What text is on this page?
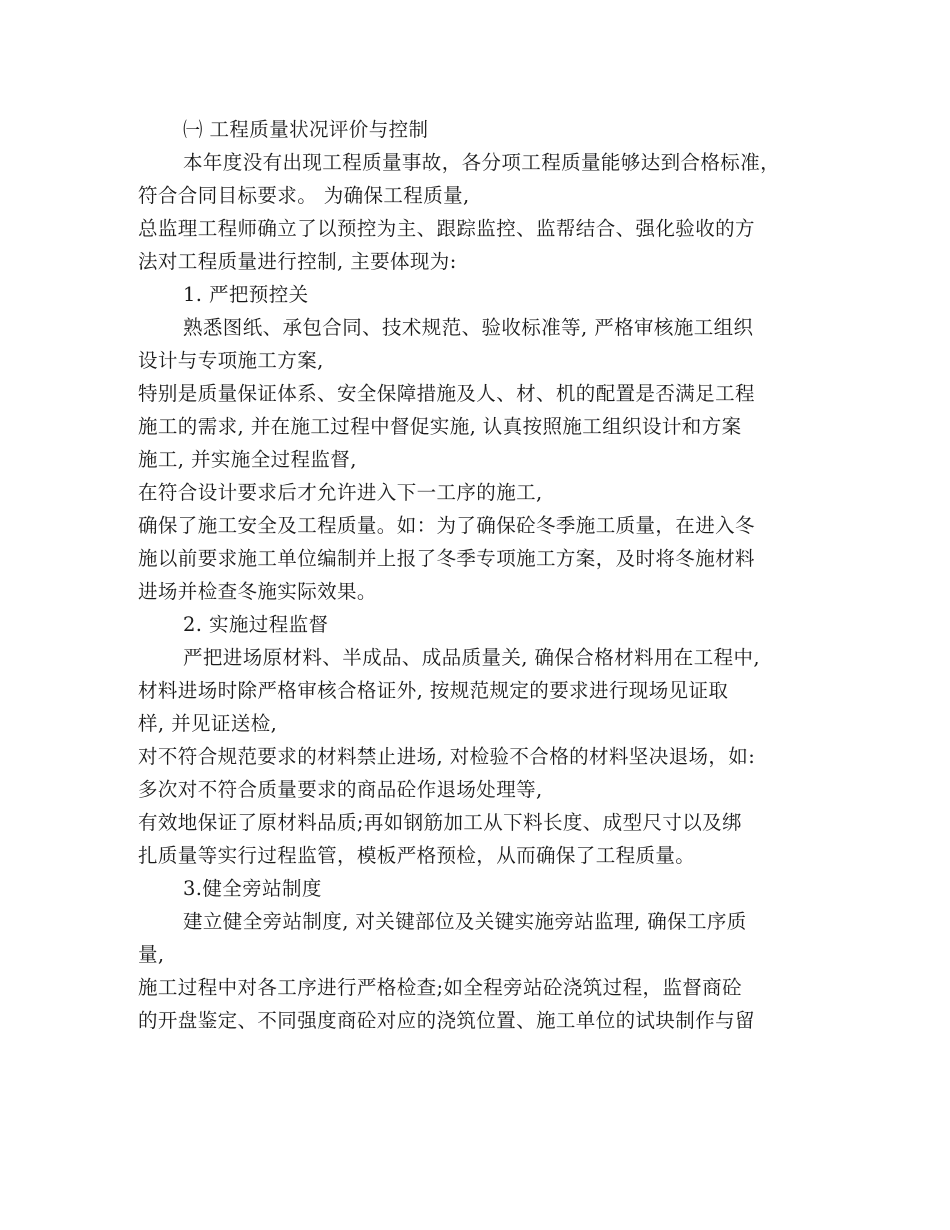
㈠ 工程质量状况评价与控制
本年度没有出现工程质量事故，各分项工程质量能够达到合格标准，
符合合同目标要求。 为确保工程质量,
总监理工程师确立了以预控为主、跟踪监控、监帮结合、强化验收的方
法对工程质量进行控制, 主要体现为:
1. 严把预控关
熟悉图纸、承包合同、技术规范、验收标准等, 严格审核施工组织
设计与专项施工方案,
特别是质量保证体系、安全保障措施及人、材、机的配置是否满足工程
施工的需求, 并在施工过程中督促实施, 认真按照施工组织设计和方案
施工, 并实施全过程监督,
在符合设计要求后才允许进入下一工序的施工,
确保了施工安全及工程质量。如：为了确保砼冬季施工质量，在进入冬
施以前要求施工单位编制并上报了冬季专项施工方案，及时将冬施材料
进场并检查冬施实际效果。
2. 实施过程监督
严把进场原材料、半成品、成品质量关, 确保合格材料用在工程中,
材料进场时除严格审核合格证外, 按规范规定的要求进行现场见证取
样, 并见证送检,
对不符合规范要求的材料禁止进场, 对检验不合格的材料坚决退场，如:
多次对不符合质量要求的商品砼作退场处理等,
有效地保证了原材料品质;再如钢筋加工从下料长度、成型尺寸以及绑
扎质量等实行过程监管，模板严格预检，从而确保了工程质量。
3.健全旁站制度
建立健全旁站制度, 对关键部位及关键实施旁站监理, 确保工序质
量,
施工过程中对各工序进行严格检查;如全程旁站砼浇筑过程，监督商砼
的开盘鉴定、不同强度商砼对应的浇筑位置、施工单位的试块制作与留
